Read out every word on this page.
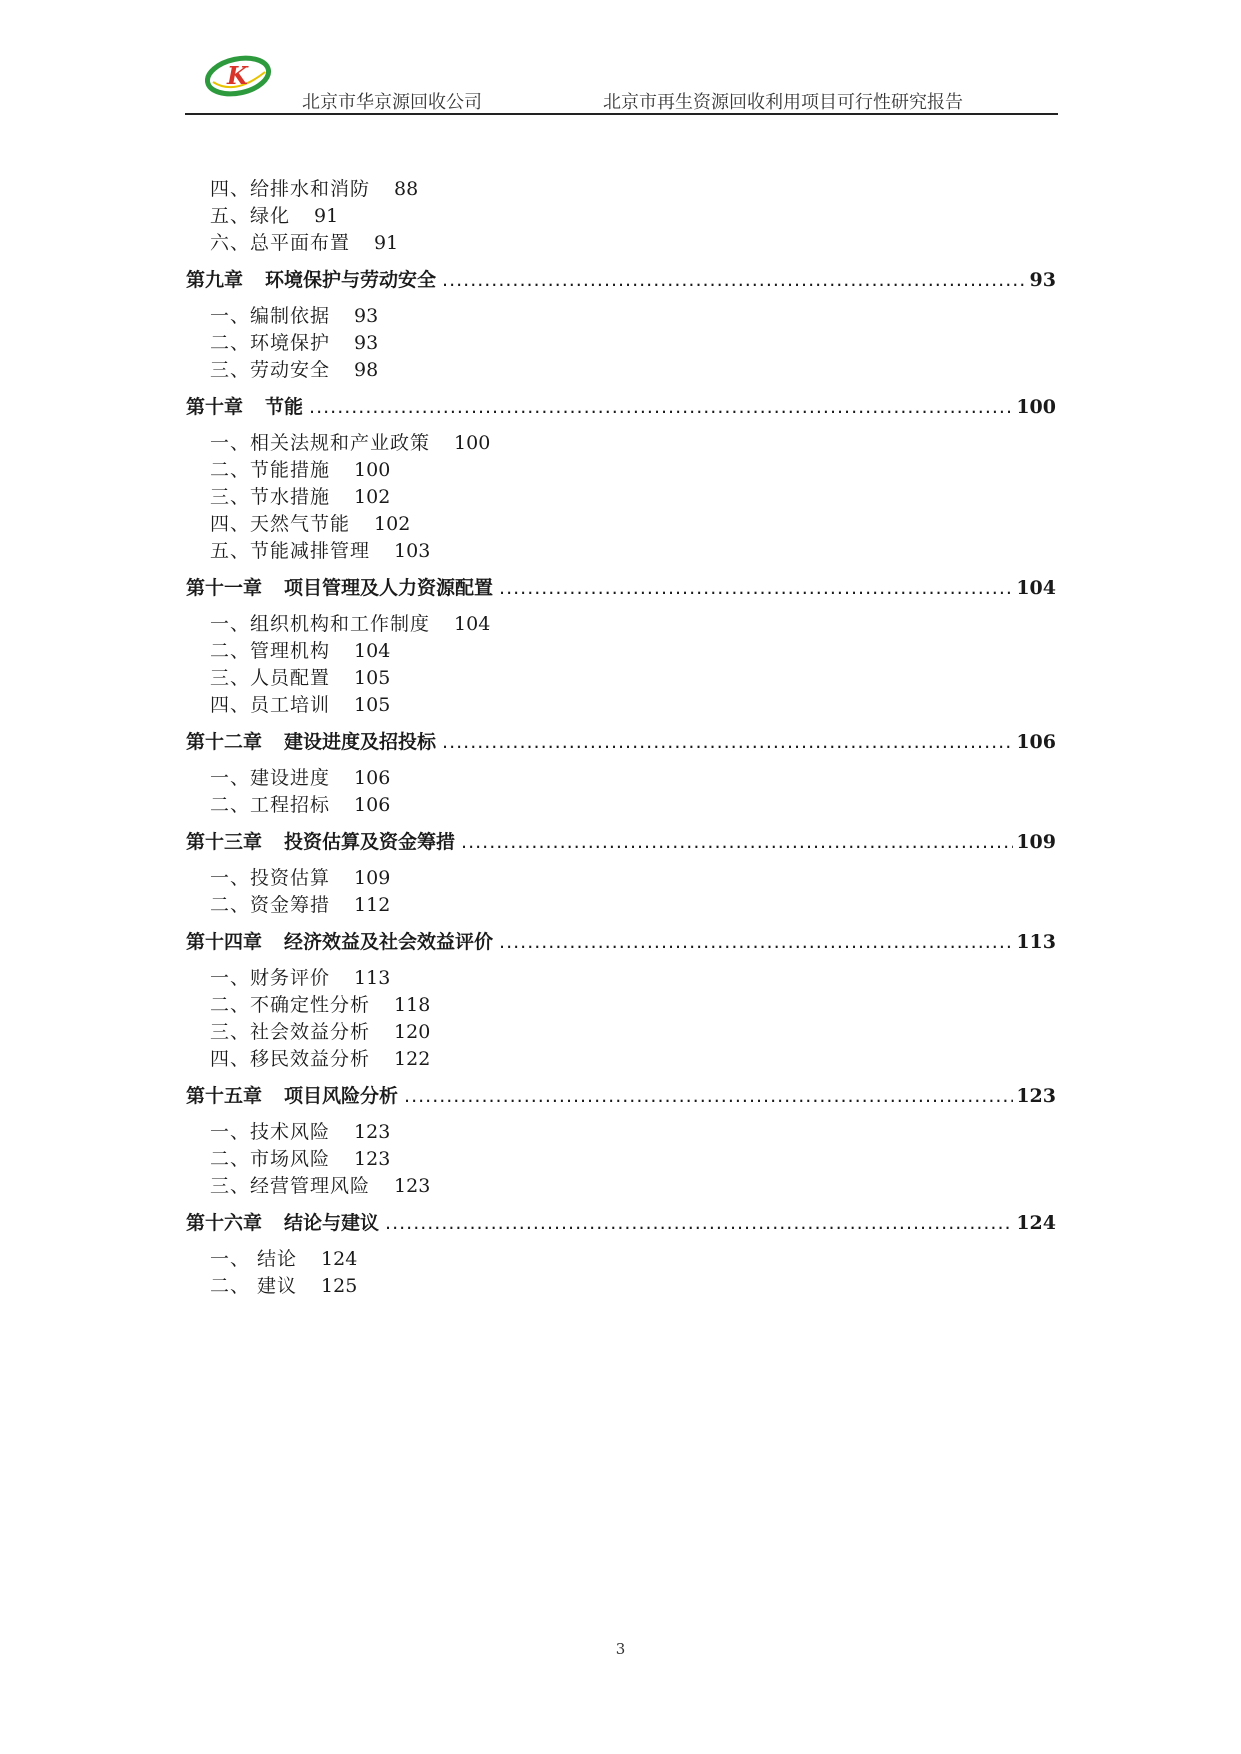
K
北京市华京源回收公司	北京市再生资源回收利用项目可行性研究报告
四、给排水和消防 88
五、绿化 91
六、总平面布置 91
第九章 环境保护与劳动安全 .....	93
一、编制依据 93
二、环境保护 93
三、劳动安全 98
第十章 节能 .....	100
一、相关法规和产业政策 100
二、节能措施 100
三、节水措施 102
四、天然气节能 102
五、节能减排管理 103
第十一章 项目管理及人力资源配置 .....	104
一、组织机构和工作制度 104
二、管理机构 104
三、人员配置 105
四、员工培训 105
第十二章 建设进度及招投标 .....	106
一、建设进度 106
二、工程招标 106
第十三章 投资估算及资金筹措 .....	109
一、投资估算 109
二、资金筹措 112
第十四章 经济效益及社会效益评价 .....	113
一、财务评价 113
二、不确定性分析 118
三、社会效益分析 120
四、移民效益分析 122
第十五章 项目风险分析 .....	123
一、技术风险 123
二、市场风险 123
三、经营管理风险 123
第十六章 结论与建议 .....	124
一、 结论 124
二、 建议 125
3
